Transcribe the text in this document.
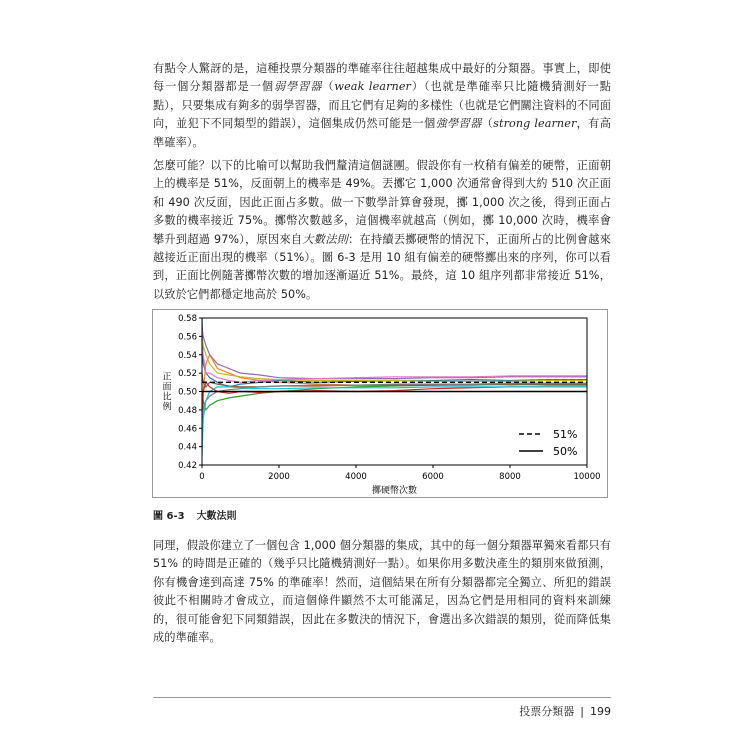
有點令人驚訝的是，這種投票分類器的準確率往往超越集成中最好的分類器。事實上，即使每一個分類器都是一個弱學習器（weak learner）（也就是準確率只比隨機猜測好一點點），只要集成有夠多的弱學習器，而且它們有足夠的多樣性（也就是它們關注資料的不同面向，並犯下不同類型的錯誤），這個集成仍然可能是一個強學習器（strong learner，有高準確率）。
怎麼可能？以下的比喻可以幫助我們釐清這個謎團。假設你有一枚稍有偏差的硬幣，正面朝上的機率是 51%，反面朝上的機率是 49%。丟擲它 1,000 次通常會得到大約 510 次正面和 490 次反面，因此正面占多數。做一下數學計算會發現，擲 1,000 次之後，得到正面占多數的機率接近 75%。擲幣次數越多，這個機率就越高（例如，擲 10,000 次時，機率會攀升到超過 97%），原因來自大數法則：在持續丟擲硬幣的情況下，正面所占的比例會越來越接近正面出現的機率（51%）。圖 6-3 是用 10 組有偏差的硬幣擲出來的序列，你可以看到，正面比例隨著擲幣次數的增加逐漸逼近 51%。最終，這 10 組序列都非常接近 51%，以致於它們都穩定地高於 50%。
0	2000	4000	6000	8000	10000
0.42
0.44
0.46
0.48
0.50
0.52
0.54
0.56
0.58
擲硬幣次數
正面比例
51%
50%
圖 6-3 大數法則
同理，假設你建立了一個包含 1,000 個分類器的集成，其中的每一個分類器單獨來看都只有 51% 的時間是正確的（幾乎只比隨機猜測好一點）。如果你用多數決產生的類別來做預測，你有機會達到高達 75% 的準確率！然而，這個結果在所有分類器都完全獨立、所犯的錯誤彼此不相關時才會成立，而這個條件顯然不太可能滿足，因為它們是用相同的資料來訓練的，很可能會犯下同類錯誤，因此在多數決的情況下，會選出多次錯誤的類別，從而降低集成的準確率。
投票分類器 | 199
